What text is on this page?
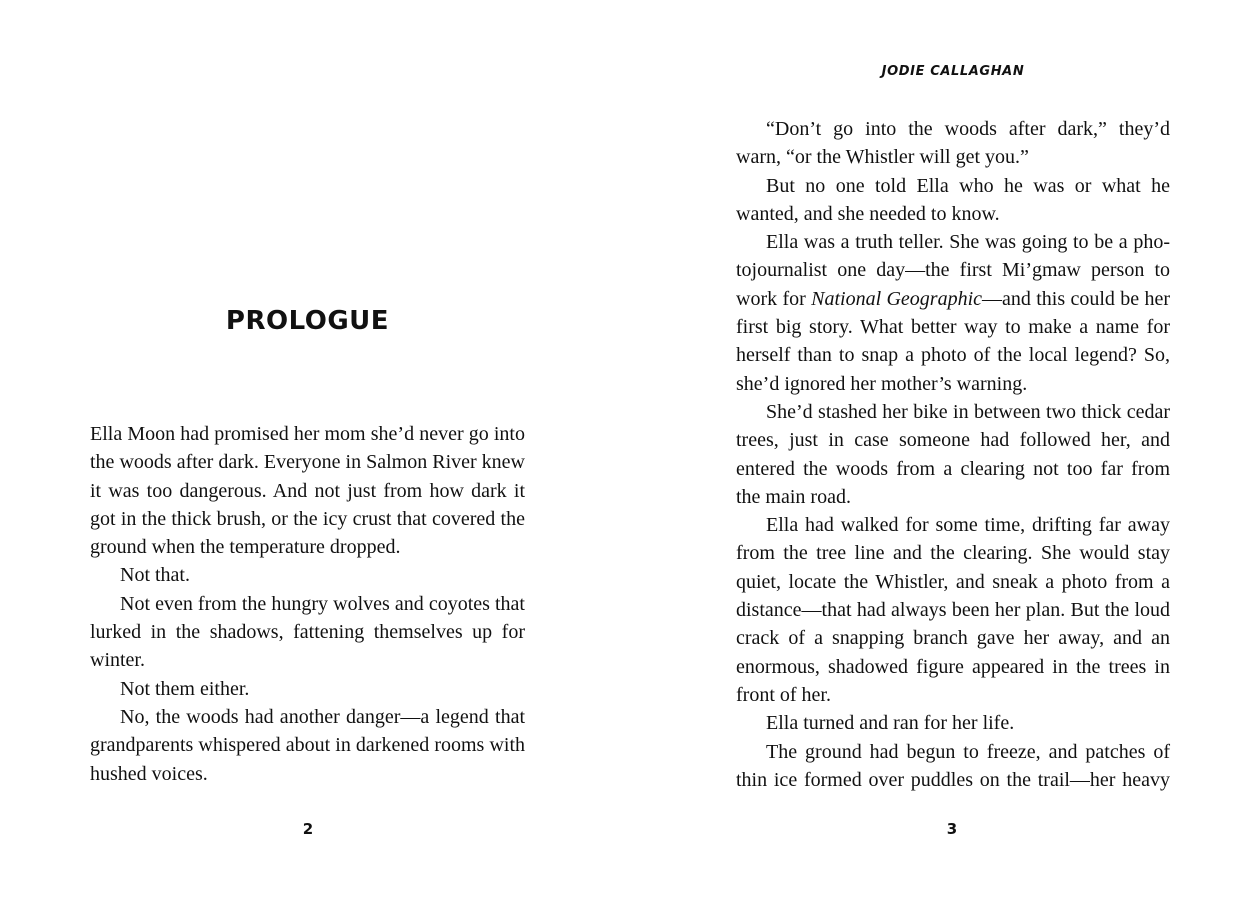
PROLOGUE

Ella Moon had promised her mom she’d never go into the woods after dark. Everyone in Salmon River knew it was too dangerous. And not just from how dark it got in the thick brush, or the icy crust that covered the ground when the temperature dropped.

Not that.

Not even from the hungry wolves and coyotes that lurked in the shadows, fattening themselves up for winter.

Not them either.

No, the woods had another danger—a legend that grandparents whispered about in darkened rooms with hushed voices.

2
JODIE CALLAGHAN

“Don’t go into the woods after dark,” they’d warn, “or the Whistler will get you.”

But no one told Ella who he was or what he wanted, and she needed to know.

Ella was a truth teller. She was going to be a photojournalist one day—the first Mi’gmaw person to work for National Geographic—and this could be her first big story. What better way to make a name for herself than to snap a photo of the local legend? So, she’d ignored her mother’s warning.

She’d stashed her bike in between two thick cedar trees, just in case someone had followed her, and entered the woods from a clearing not too far from the main road.

Ella had walked for some time, drifting far away from the tree line and the clearing. She would stay quiet, locate the Whistler, and sneak a photo from a distance—that had always been her plan. But the loud crack of a snapping branch gave her away, and an enormous, shadowed figure appeared in the trees in front of her.

Ella turned and ran for her life.

The ground had begun to freeze, and patches of thin ice formed over puddles on the trail—her heavy

3
